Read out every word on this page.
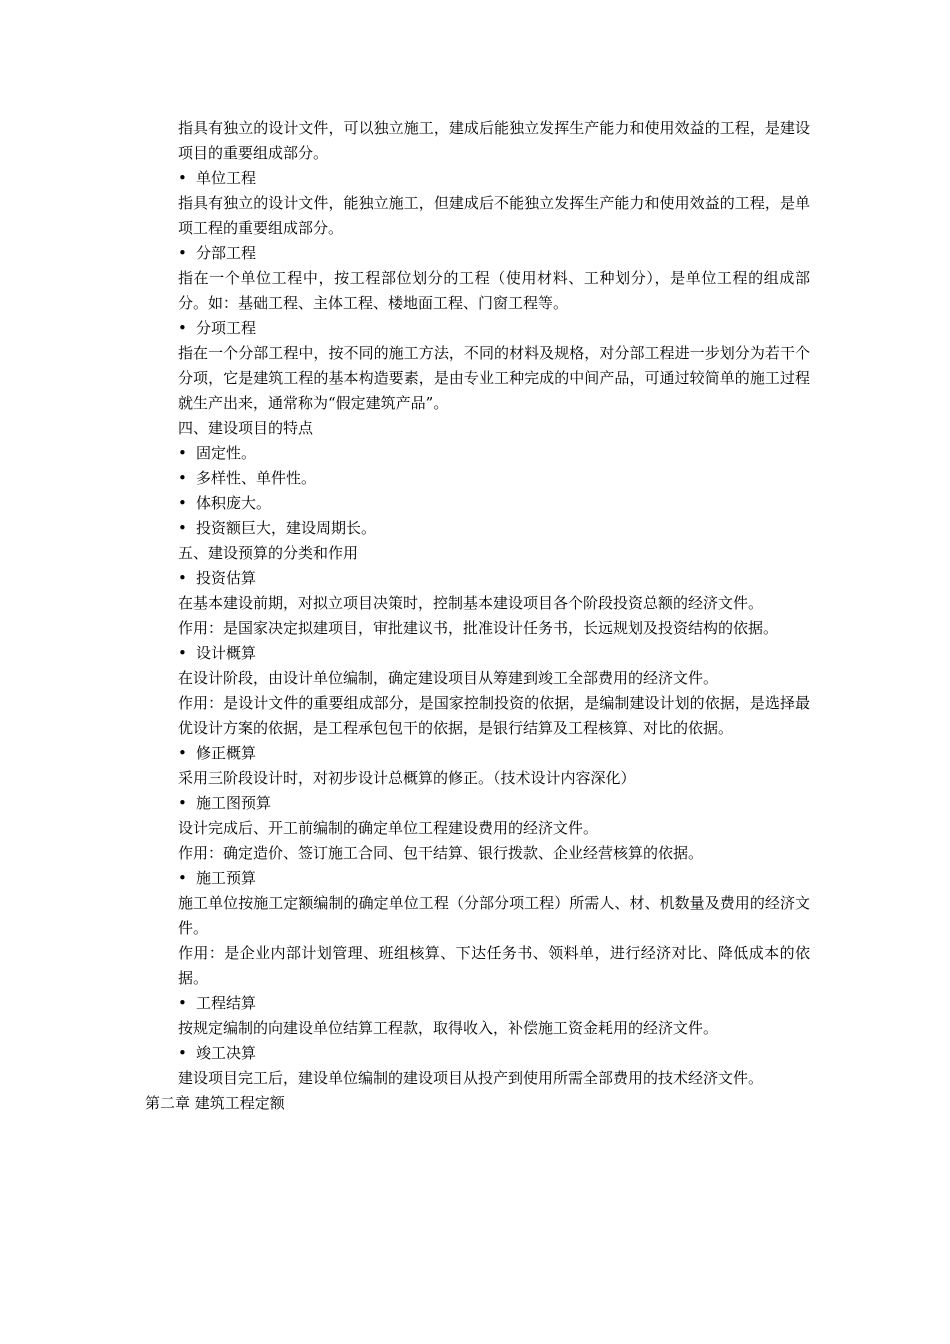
指具有独立的设计文件，可以独立施工，建成后能独立发挥生产能力和使用效益的工程，是建设项目的重要组成部分。

• 单位工程

指具有独立的设计文件，能独立施工，但建成后不能独立发挥生产能力和使用效益的工程，是单项工程的重要组成部分。

• 分部工程

指在一个单位工程中，按工程部位划分的工程（使用材料、工种划分），是单位工程的组成部分。如：基础工程、主体工程、楼地面工程、门窗工程等。

• 分项工程

指在一个分部工程中，按不同的施工方法，不同的材料及规格，对分部工程进一步划分为若干个分项，它是建筑工程的基本构造要素，是由专业工种完成的中间产品，可通过较简单的施工过程就生产出来，通常称为“假定建筑产品”。

四、建设项目的特点

• 固定性。

• 多样性、单件性。

• 体积庞大。

• 投资额巨大，建设周期长。

五、建设预算的分类和作用

• 投资估算

在基本建设前期，对拟立项目决策时，控制基本建设项目各个阶段投资总额的经济文件。

作用：是国家决定拟建项目，审批建议书，批准设计任务书，长远规划及投资结构的依据。

• 设计概算

在设计阶段，由设计单位编制，确定建设项目从筹建到竣工全部费用的经济文件。

作用：是设计文件的重要组成部分，是国家控制投资的依据，是编制建设计划的依据，是选择最优设计方案的依据，是工程承包包干的依据，是银行结算及工程核算、对比的依据。

• 修正概算

采用三阶段设计时，对初步设计总概算的修正。（技术设计内容深化）

• 施工图预算

设计完成后、开工前编制的确定单位工程建设费用的经济文件。

作用：确定造价、签订施工合同、包干结算、银行拨款、企业经营核算的依据。

• 施工预算

施工单位按施工定额编制的确定单位工程（分部分项工程）所需人、材、机数量及费用的经济文件。

作用：是企业内部计划管理、班组核算、下达任务书、领料单，进行经济对比、降低成本的依据。

• 工程结算

按规定编制的向建设单位结算工程款，取得收入，补偿施工资金耗用的经济文件。

• 竣工决算

建设项目完工后，建设单位编制的建设项目从投产到使用所需全部费用的技术经济文件。

第二章 建筑工程定额
